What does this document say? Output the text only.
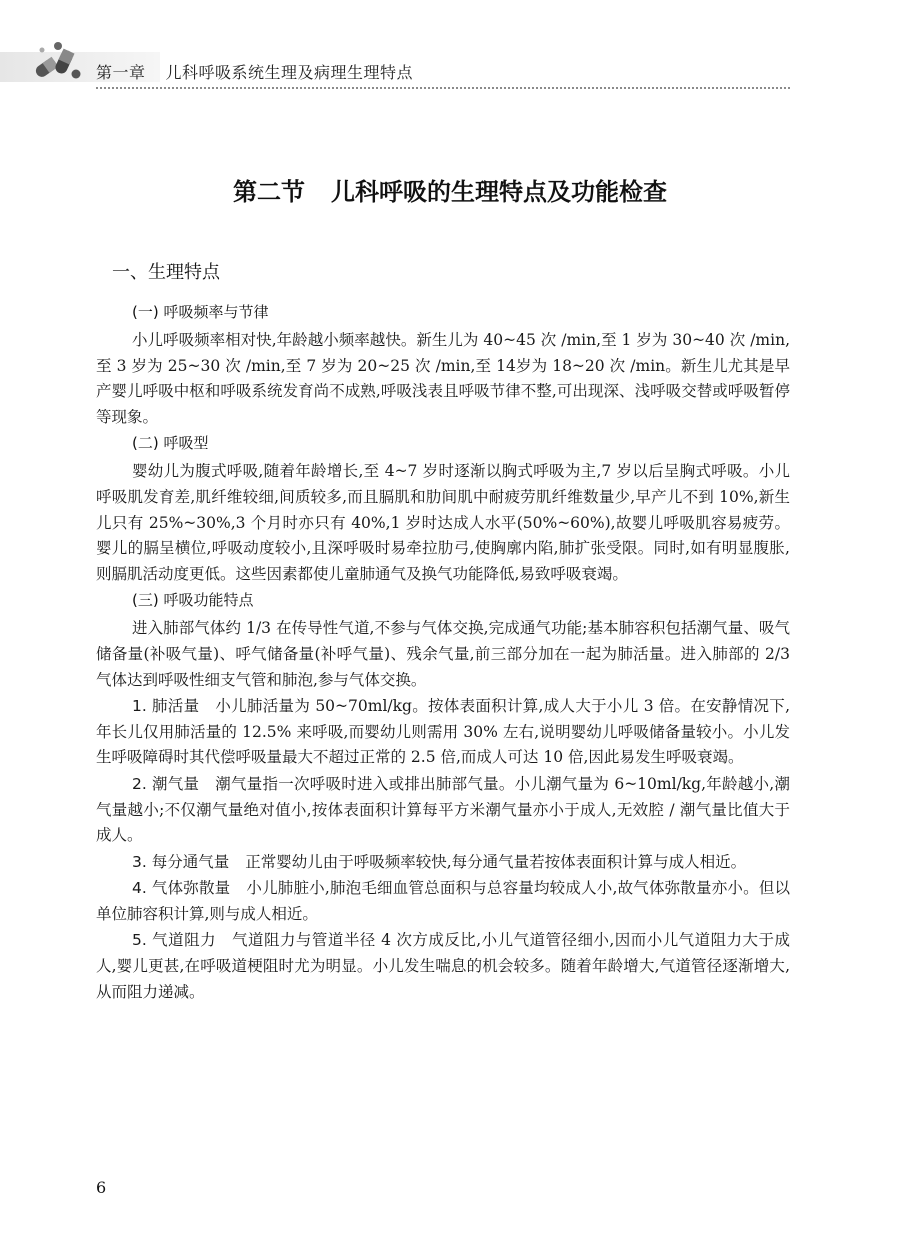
第一章 儿科呼吸系统生理及病理生理特点
第二节 儿科呼吸的生理特点及功能检查
一、生理特点
(一) 呼吸频率与节律

小儿呼吸频率相对快,年龄越小频率越快。新生儿为 40~45 次 /min,至 1 岁为 30~40 次 /min,至 3 岁为 25~30 次 /min,至 7 岁为 20~25 次 /min,至 14岁为 18~20 次 /min。新生儿尤其是早产婴儿呼吸中枢和呼吸系统发育尚不成熟,呼吸浅表且呼吸节律不整,可出现深、浅呼吸交替或呼吸暂停等现象。

(二) 呼吸型

婴幼儿为腹式呼吸,随着年龄增长,至 4~7 岁时逐渐以胸式呼吸为主,7 岁以后呈胸式呼吸。小儿呼吸肌发育差,肌纤维较细,间质较多,而且膈肌和肋间肌中耐疲劳肌纤维数量少,早产儿不到 10%,新生儿只有 25%~30%,3 个月时亦只有 40%,1 岁时达成人水平(50%~60%),故婴儿呼吸肌容易疲劳。婴儿的膈呈横位,呼吸动度较小,且深呼吸时易牵拉肋弓,使胸廓内陷,肺扩张受限。同时,如有明显腹胀,则膈肌活动度更低。这些因素都使儿童肺通气及换气功能降低,易致呼吸衰竭。

(三) 呼吸功能特点

进入肺部气体约 1/3 在传导性气道,不参与气体交换,完成通气功能;基本肺容积包括潮气量、吸气储备量(补吸气量)、呼气储备量(补呼气量)、残余气量,前三部分加在一起为肺活量。进入肺部的 2/3 气体达到呼吸性细支气管和肺泡,参与气体交换。

1. 肺活量 小儿肺活量为 50~70ml/kg。按体表面积计算,成人大于小儿 3 倍。在安静情况下,年长儿仅用肺活量的 12.5% 来呼吸,而婴幼儿则需用 30% 左右,说明婴幼儿呼吸储备量较小。小儿发生呼吸障碍时其代偿呼吸量最大不超过正常的 2.5 倍,而成人可达 10 倍,因此易发生呼吸衰竭。

2. 潮气量 潮气量指一次呼吸时进入或排出肺部气量。小儿潮气量为 6~10ml/kg,年龄越小,潮气量越小;不仅潮气量绝对值小,按体表面积计算每平方米潮气量亦小于成人,无效腔 / 潮气量比值大于成人。

3. 每分通气量 正常婴幼儿由于呼吸频率较快,每分通气量若按体表面积计算与成人相近。

4. 气体弥散量 小儿肺脏小,肺泡毛细血管总面积与总容量均较成人小,故气体弥散量亦小。但以单位肺容积计算,则与成人相近。

5. 气道阻力 气道阻力与管道半径 4 次方成反比,小儿气道管径细小,因而小儿气道阻力大于成人,婴儿更甚,在呼吸道梗阻时尤为明显。小儿发生喘息的机会较多。随着年龄增大,气道管径逐渐增大,从而阻力递减。

6
